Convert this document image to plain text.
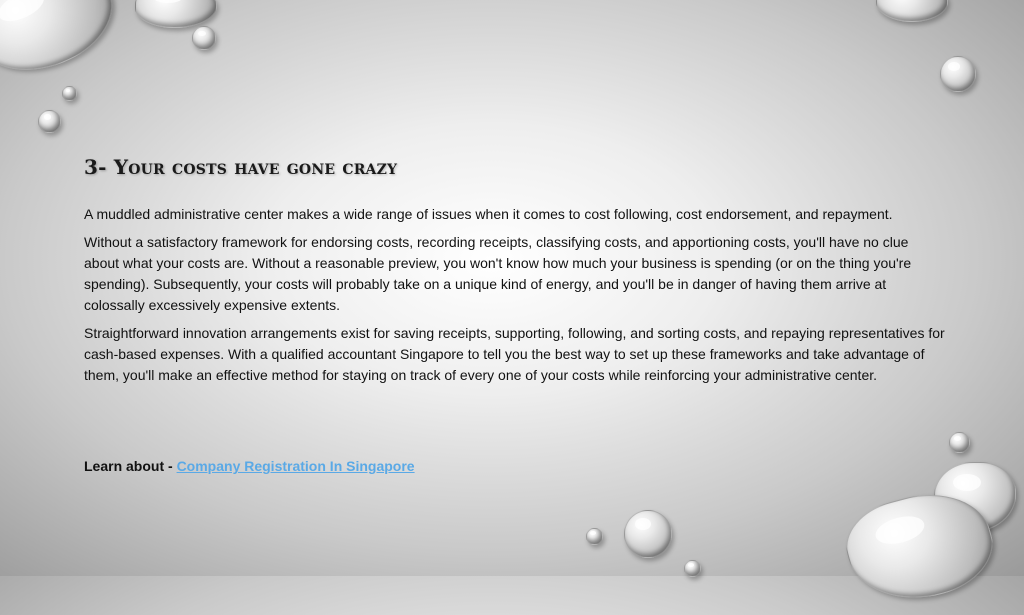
3- Your costs have gone crazy

A muddled administrative center makes a wide range of issues when it comes to cost following, cost endorsement, and repayment.

Without a satisfactory framework for endorsing costs, recording receipts, classifying costs, and apportioning costs, you'll have no clue about what your costs are. Without a reasonable preview, you won't know how much your business is spending (or on the thing you're spending). Subsequently, your costs will probably take on a unique kind of energy, and you'll be in danger of having them arrive at colossally excessively expensive extents.

Straightforward innovation arrangements exist for saving receipts, supporting, following, and sorting costs, and repaying representatives for cash-based expenses. With a qualified accountant Singapore to tell you the best way to set up these frameworks and take advantage of them, you'll make an effective method for staying on track of every one of your costs while reinforcing your administrative center.

Learn about - Company Registration In Singapore
